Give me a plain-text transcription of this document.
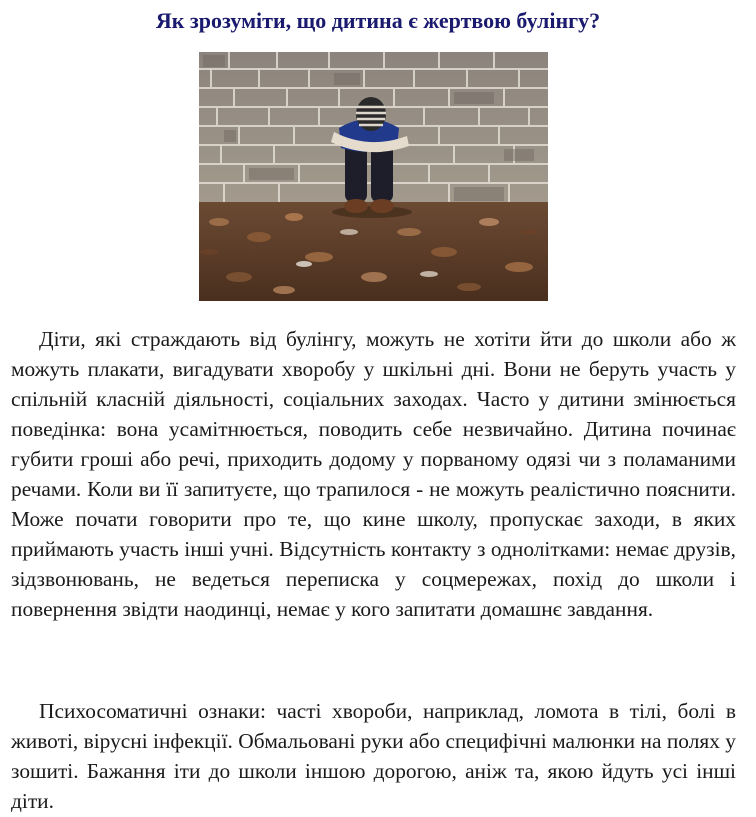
Як зрозуміти, що дитина є жертвою булінгу?

Діти, які страждають від булінгу, можуть не хотіти йти до школи або ж можуть плакати, вигадувати хворобу у шкільні дні. Вони не беруть участь у спільній класній діяльності, соціальних заходах. Часто у дитини змінюється поведінка: вона усамітнюється, поводить себе незвичайно. Дитина починає губити гроші або речі, приходить додому у порваному одязі чи з поламаними речами. Коли ви її запитуєте, що трапилося - не можуть реалістично пояснити. Може почати говорити про те, що кине школу, пропускає заходи, в яких приймають участь інші учні. Відсутність контакту з однолітками: немає друзів, зідзвонювань, не ведеться переписка у соцмережах, похід до школи і повернення звідти наодинці, немає у кого запитати домашнє завдання.

Психосоматичні ознаки: часті хвороби, наприклад, ломота в тілі, болі в животі, вірусні інфекції. Обмальовані руки або специфічні малюнки на полях у зошиті. Бажання іти до школи іншою дорогою, аніж та, якою йдуть усі інші діти.
